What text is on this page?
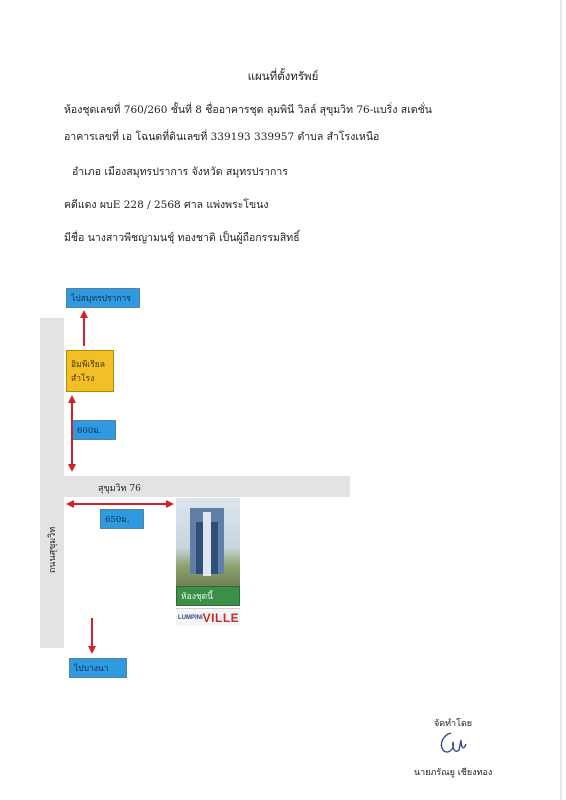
แผนที่ตั้งทรัพย์
ห้องชุดเลขที่ 760/260 ชั้นที่ 8 ชื่ออาคารชุด ลุมพินี วิลล์ สุขุมวิท 76-แบริ่ง สเตชั่น
อาคารเลขที่ เอ โฉนดที่ดินเลขที่ 339193 339957 ตำบล สำโรงเหนือ
อำเภอ เมืองสมุทรปราการ จังหวัด สมุทรปราการ
คดีแดง ผบE 228 / 2568 ศาล แพ่งพระโขนง
มีชื่อ นางสาวพีชญามนชุ์ ทองชาติ เป็นผู้ถือกรรมสิทธิ์
ถนนสุขุมวิท
สุขุมวิท 76
ไปสมุทรปราการ
อิมพีเรียล
สำโรง
600ม.
650ม.
ห้องชุดนี้
LUMPINI VILLE
ไปบางนา
จัดทำโดย
นายภรัณยู เชียงทอง
